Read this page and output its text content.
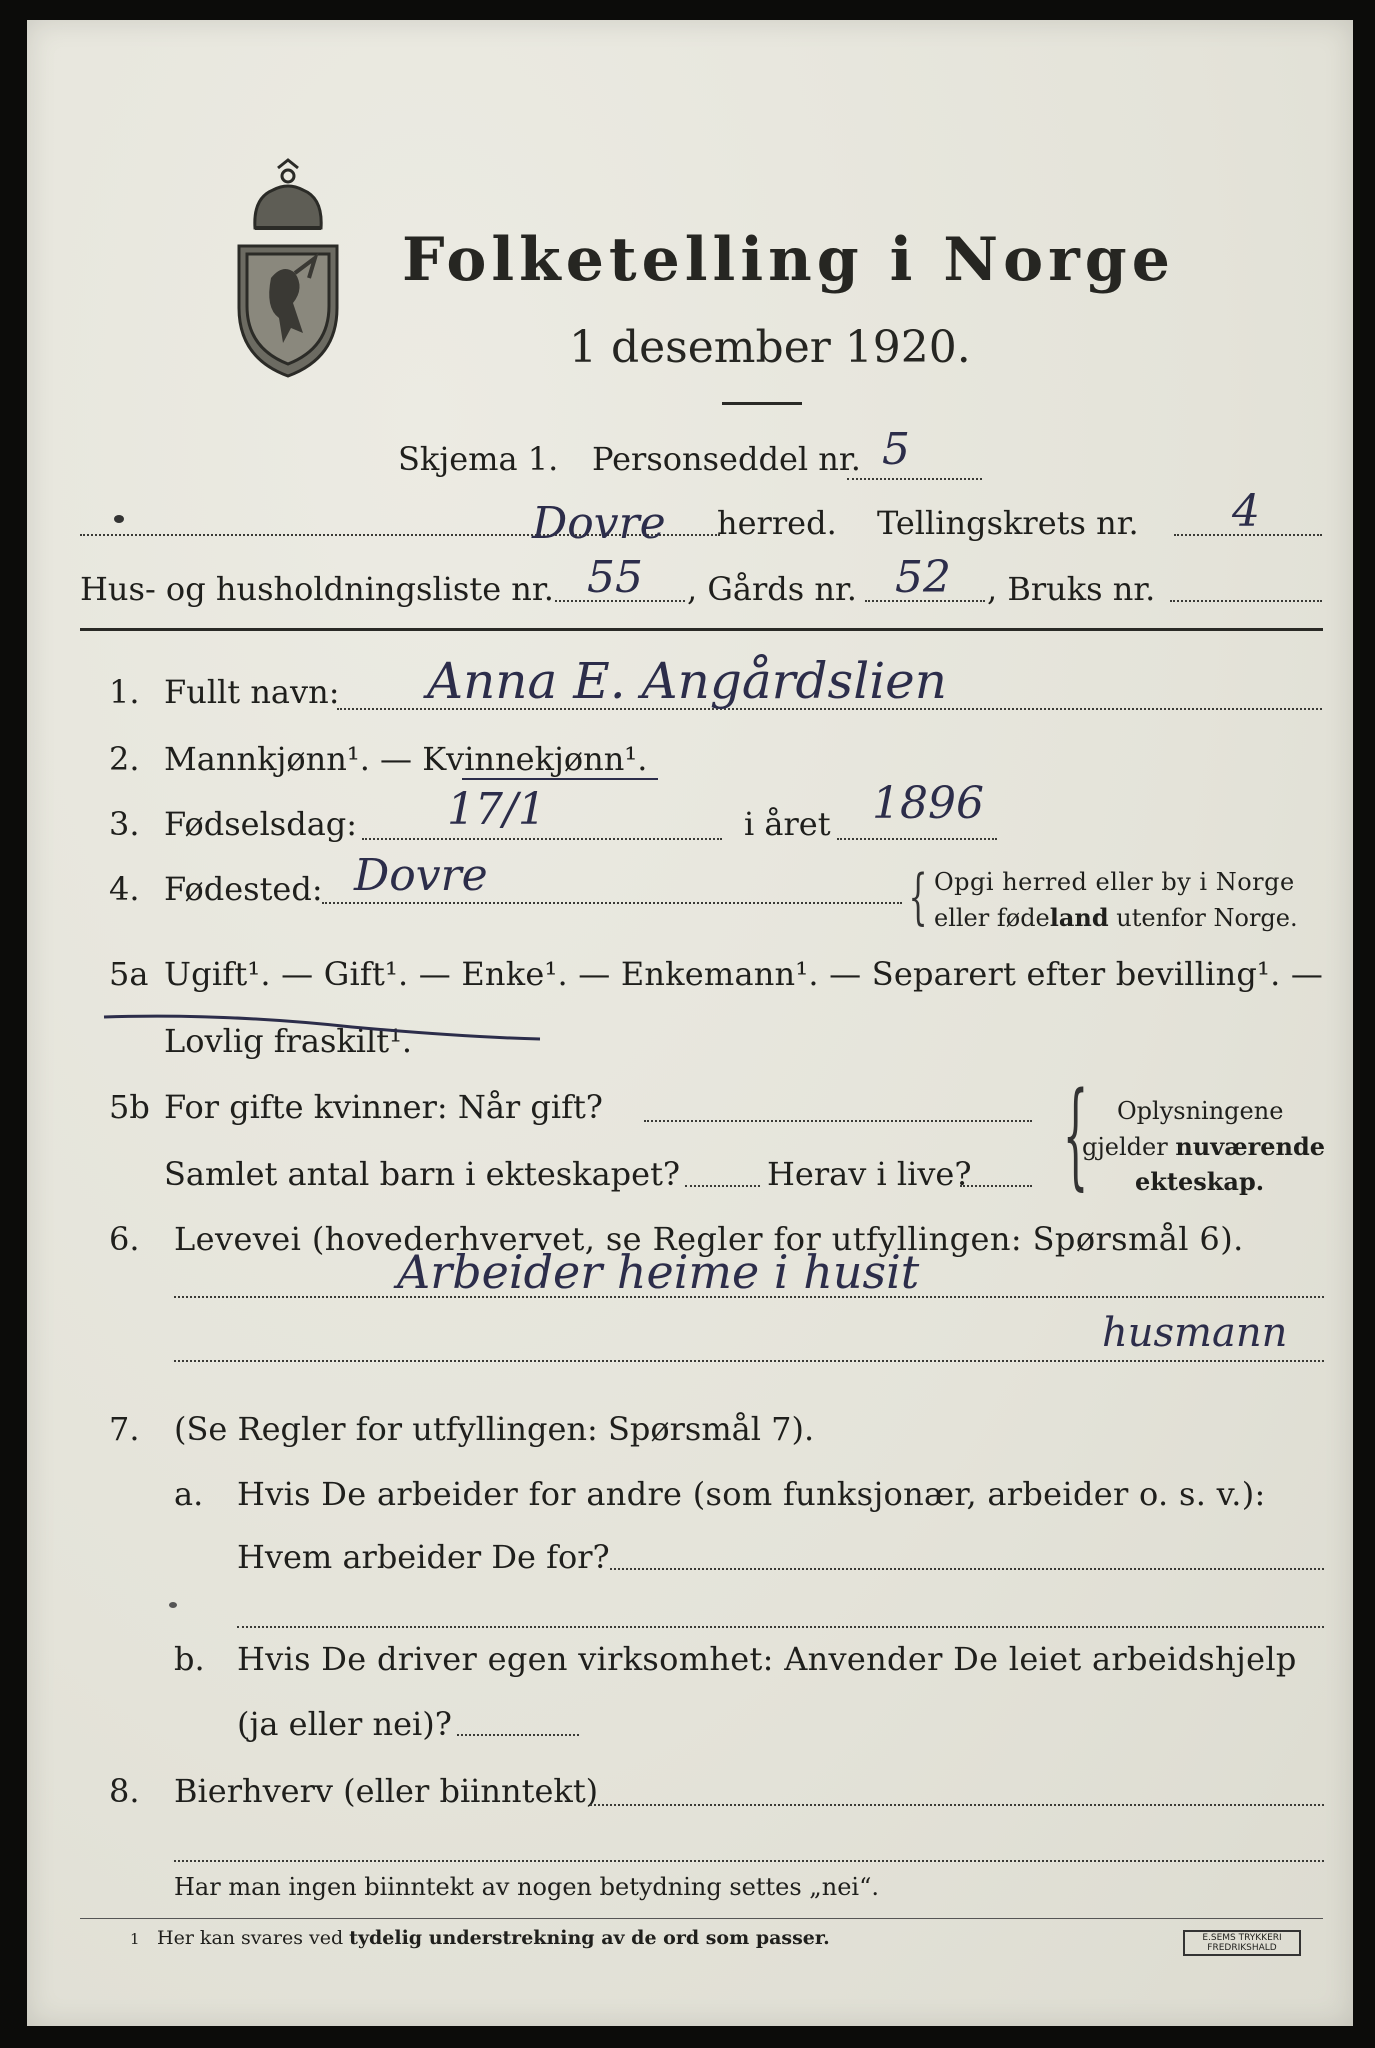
Folketelling i Norge
1 desember 1920.
Skjema 1. Personseddel nr. 5
Dovre herred. Tellingskrets nr. 4
Hus- og husholdningsliste nr. 55 , Gårds nr. 52 , Bruks nr.
1. Fullt navn: Anna E. Angårdslien
2. Mannkjønn¹. — Kvinnekjønn¹.
3. Fødselsdag: 17/1	i året 1896
4. Fødested: Dovre	{ Opgi herred eller by i Norge
eller fødeland utenfor Norge.
5a Ugift¹. — Gift¹. — Enke¹. — Enkemann¹. — Separert efter bevilling¹. —
Lovlig fraskilt¹.
5b For gifte kvinner: Når gift?
Samlet antal barn i ekteskapet?	Herav i live? { Oplysningene
gjelder nuværende
ekteskap.
6. Levevei (hovederhvervet, se Regler for utfyllingen: Spørsmål 6).
Arbeider heime i husit
husmann
7. (Se Regler for utfyllingen: Spørsmål 7).
a. Hvis De arbeider for andre (som funksjonær, arbeider o. s. v.):
Hvem arbeider De for?
b. Hvis De driver egen virksomhet: Anvender De leiet arbeidshjelp
(ja eller nei)?
8. Bierhverv (eller biinntekt)
Har man ingen biinntekt av nogen betydning settes „nei“.
1 Her kan svares ved tydelig understrekning av de ord som passer.	E.SEMS TRYKKERI
FREDRIKSHALD
